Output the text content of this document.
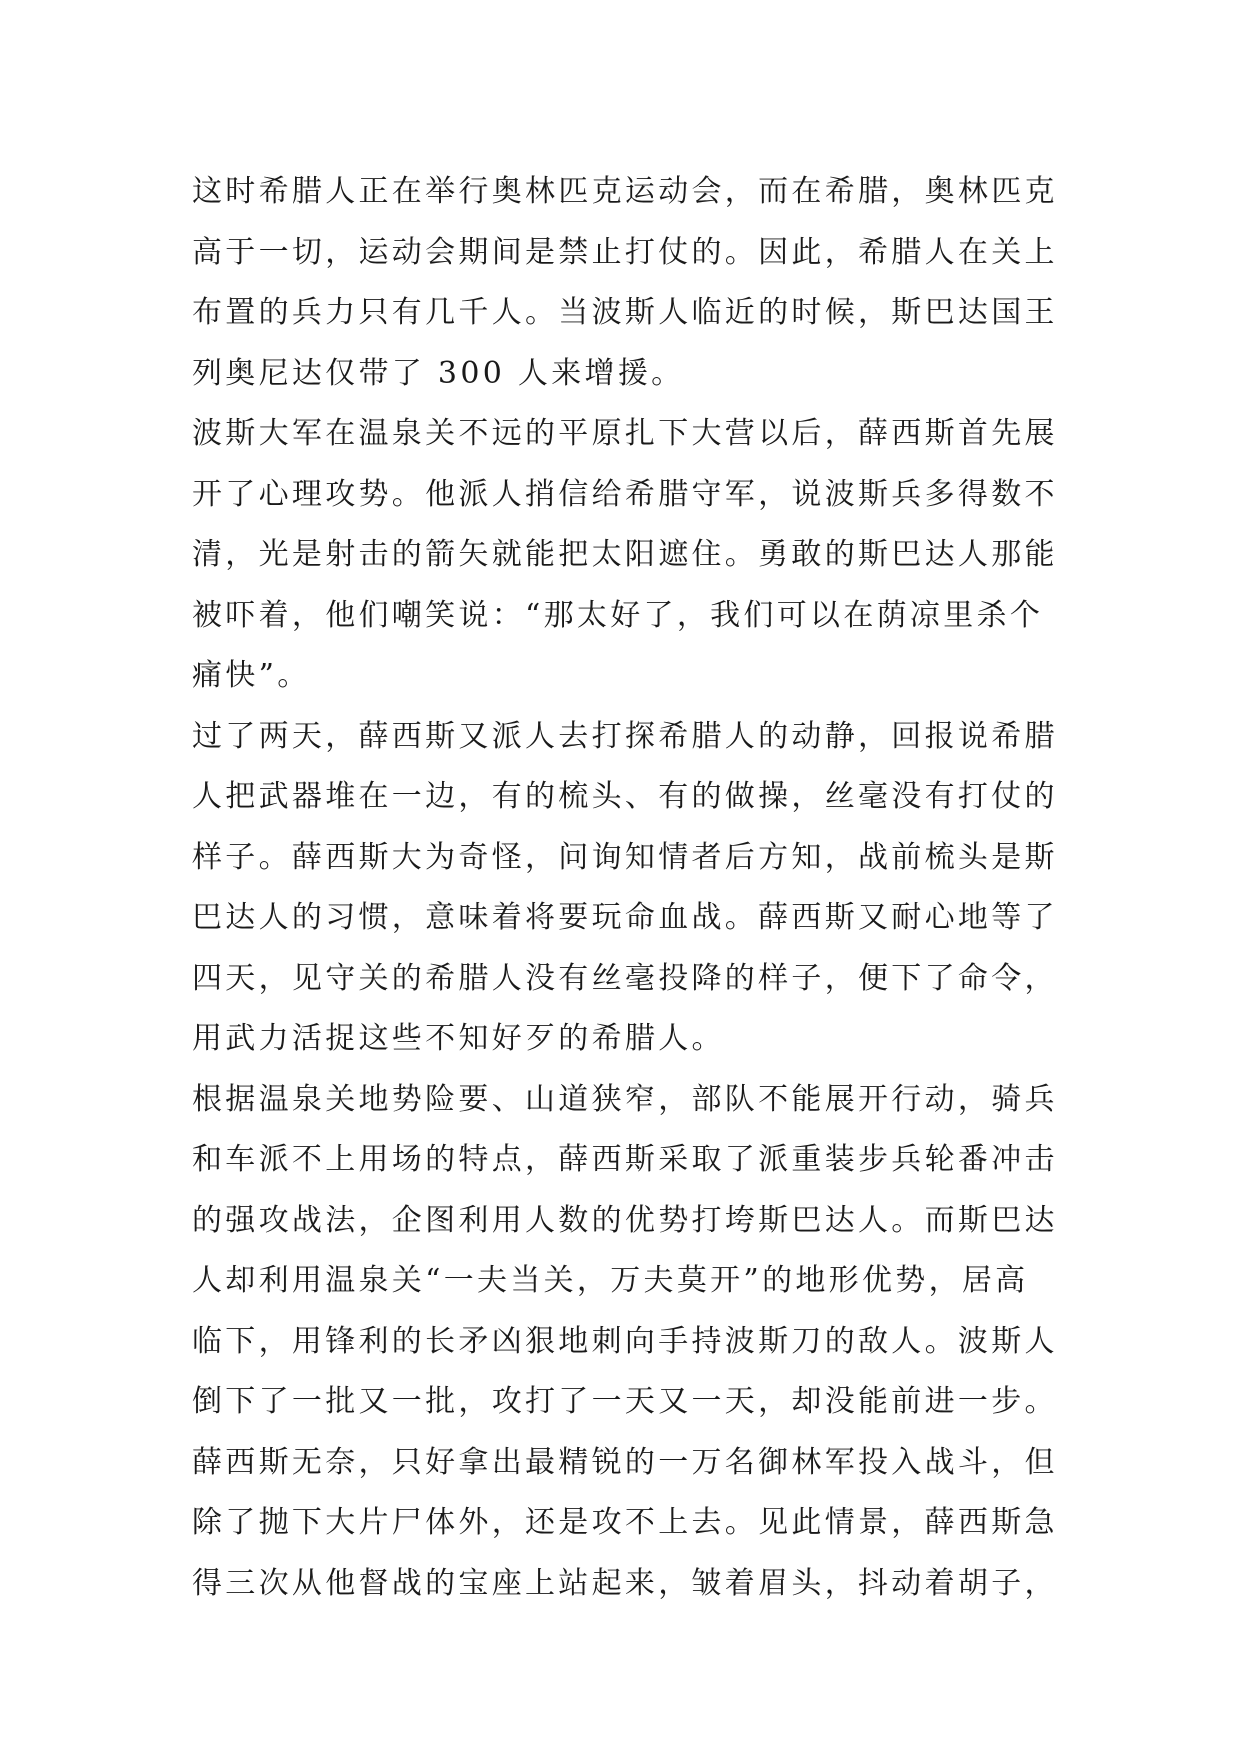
这时希腊人正在举行奥林匹克运动会，而在希腊，奥林匹克
高于一切，运动会期间是禁止打仗的。因此，希腊人在关上
布置的兵力只有几千人。当波斯人临近的时候，斯巴达国王
列奥尼达仅带了 300 人来增援。
波斯大军在温泉关不远的平原扎下大营以后，薛西斯首先展
开了心理攻势。他派人捎信给希腊守军，说波斯兵多得数不
清，光是射击的箭矢就能把太阳遮住。勇敢的斯巴达人那能
被吓着，他们嘲笑说：“那太好了，我们可以在荫凉里杀个
痛快”。
过了两天，薛西斯又派人去打探希腊人的动静，回报说希腊
人把武器堆在一边，有的梳头、有的做操，丝毫没有打仗的
样子。薛西斯大为奇怪，问询知情者后方知，战前梳头是斯
巴达人的习惯，意味着将要玩命血战。薛西斯又耐心地等了
四天，见守关的希腊人没有丝毫投降的样子，便下了命令，
用武力活捉这些不知好歹的希腊人。
根据温泉关地势险要、山道狭窄，部队不能展开行动，骑兵
和车派不上用场的特点，薛西斯采取了派重装步兵轮番冲击
的强攻战法，企图利用人数的优势打垮斯巴达人。而斯巴达
人却利用温泉关“一夫当关，万夫莫开”的地形优势，居高
临下，用锋利的长矛凶狠地刺向手持波斯刀的敌人。波斯人
倒下了一批又一批，攻打了一天又一天，却没能前进一步。
薛西斯无奈，只好拿出最精锐的一万名御林军投入战斗，但
除了抛下大片尸体外，还是攻不上去。见此情景，薛西斯急
得三次从他督战的宝座上站起来，皱着眉头，抖动着胡子，
